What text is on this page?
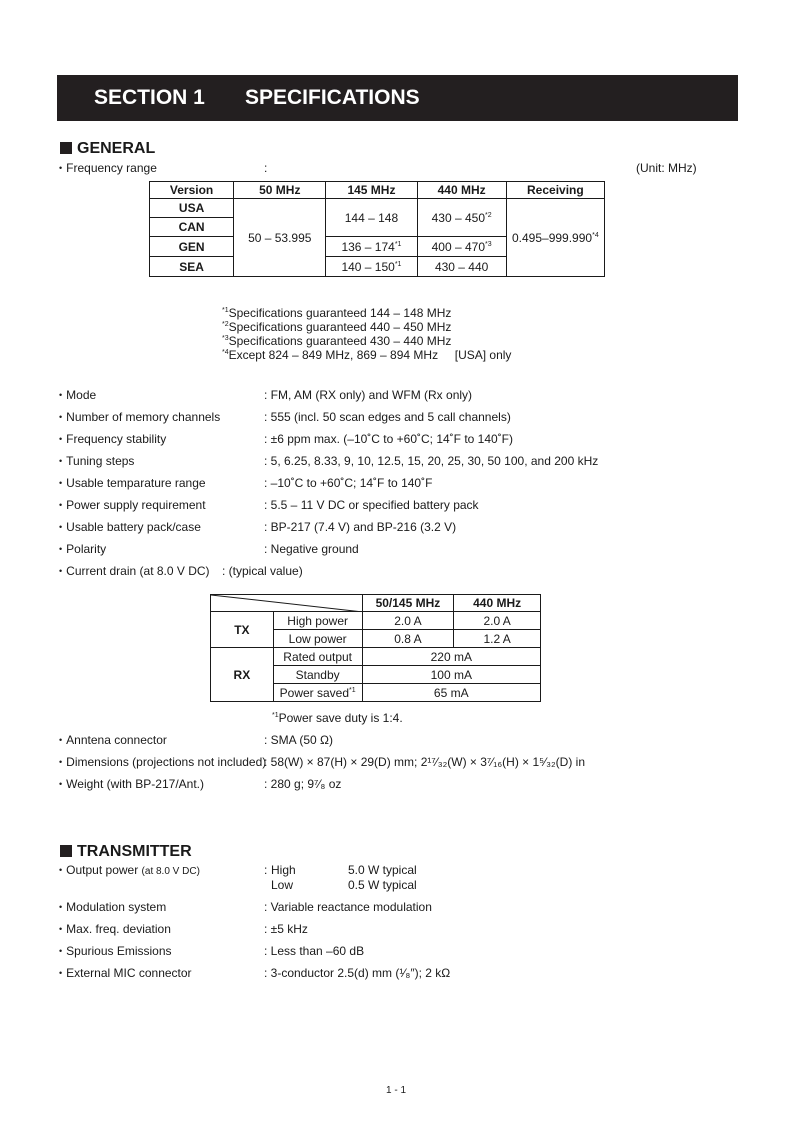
SECTION 1 SPECIFICATIONS
GENERAL
• Frequency range	:	(Unit: MHz)
Version	50 MHz	145 MHz	440 MHz	Receiving
USA	50 – 53.995	144 – 148	430 – 450$^{*2}$	0.495–999.990$^{*4}$
CAN				
GEN		136 – 174$^{*1}$	400 – 470$^{*3}$
SEA		140 – 150$^{*1}$	430 – 440	
$^{*1}$Specifications guaranteed 144 – 148 MHz
$^{*2}$Specifications guaranteed 440 – 450 MHz
$^{*3}$Specifications guaranteed 430 – 440 MHz
$^{*4}$Except 824 – 849 MHz, 869 – 894 MHz     [USA] only
• Mode	: FM, AM (RX only) and WFM (Rx only)
• Number of memory channels	: 555 (incl. 50 scan edges and 5 call channels)
• Frequency stability	: ±6 ppm max. (–10˚C to +60˚C; 14˚F to 140˚F)
• Tuning steps	: 5, 6.25, 8.33, 9, 10, 12.5, 15, 20, 25, 30, 50 100, and 200 kHz
• Usable temparature range	: –10˚C to +60˚C; 14˚F to 140˚F
• Power supply requirement	: 5.5 – 11 V DC or specified battery pack
• Usable battery pack/case	: BP-217 (7.4 V) and BP-216 (3.2 V)
• Polarity	: Negative ground
• Current drain (at 8.0 V DC) : (typical value)
		50/145 MHz	440 MHz
TX	High power	2.0 A	2.0 A
	Low power	0.8 A	1.2 A
RX	Rated output	220 mA	
	Standby	100 mA	
	Power saved$^{*1}$	65 mA	
$^{*1}$Power save duty is 1:4.
• Anntena connector	: SMA (50 Ω)
• Dimensions (projections not included)
: 58(W) × 87(H) × 29(D) mm; 2¹⁷⁄₃₂(W) × 3⁷⁄₁₆(H) × 1⁵⁄₃₂(D) in
• Weight (with BP-217/Ant.)	: 280 g; 9⁷⁄₈ oz
TRANSMITTER
• Output power (at 8.0 V DC)	: High	5.0 W typical
Low	0.5 W typical
• Modulation system	: Variable reactance modulation
• Max. freq. deviation	: ±5 kHz
• Spurious Emissions	: Less than –60 dB
• External MIC connector	: 3-conductor 2.5(d) mm (¹⁄₈″); 2 kΩ
1 - 1
